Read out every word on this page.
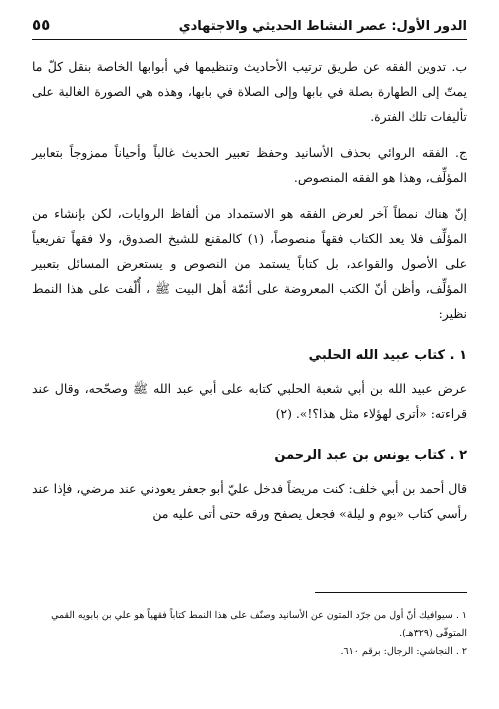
الدور الأول: عصر النشاط الحديثي والاجتهادي
٥٥

ب. تدوين الفقه عن طريق ترتيب الأحاديث وتنظيمها في أبوابها الخاصة بنقل كلّ ما يمتّ إلى الطهارة بصلة في بابها وإلى الصلاة في بابها، وهذه هي الصورة الغالبة على تأليفات تلك الفترة.

ج. الفقه الروائي بحذف الأسانيد وحفظ تعبير الحديث غالباً وأحياناً ممزوجاً بتعابير المؤلِّف، وهذا هو الفقه المنصوص.

إنّ هناك نمطاً آخر لعرض الفقه هو الاستمداد من ألفاظ الروايات، لكن بإنشاء من المؤلِّف فلا يعد الكتاب فقهاً منصوصاً، (١) كالمقنع للشيخ الصدوق، ولا فقهاً تفريعياً على الأصول والقواعد، بل كتاباً يستمد من النصوص و يستعرض المسائل بتعبير المؤلِّف، وأظن أنّ الكتب المعروضة على أئمّة أهل البيت ﷺ ، أُلّفت على هذا النمط نظير:

١ . كتاب عبيد الله الحلبي

عرض عبيد الله بن أبي شعبة الحلبي كتابه على أبي عبد الله ﷺ وصحّحه، وقال عند قراءته: «أترى لهؤلاء مثل هذا؟!». (٢)

٢ . كتاب يونس بن عبد الرحمن

قال أحمد بن أبي خلف: كنت مريضاً فدخل عليّ أبو جعفر يعودني عند مرضي، فإذا عند رأسي كتاب «يوم و ليلة» فجعل يصفح ورقه حتى أتى عليه من

١ . سيوافيك أنّ أول من جرّد المتون عن الأسانيد وصنّف على هذا النمط كتاباً فقهياً هو علي بن بابويه القمي المتوفّى (٣٢٩هـ).

٢ . النجاشي: الرجال: برقم ٦١٠.
